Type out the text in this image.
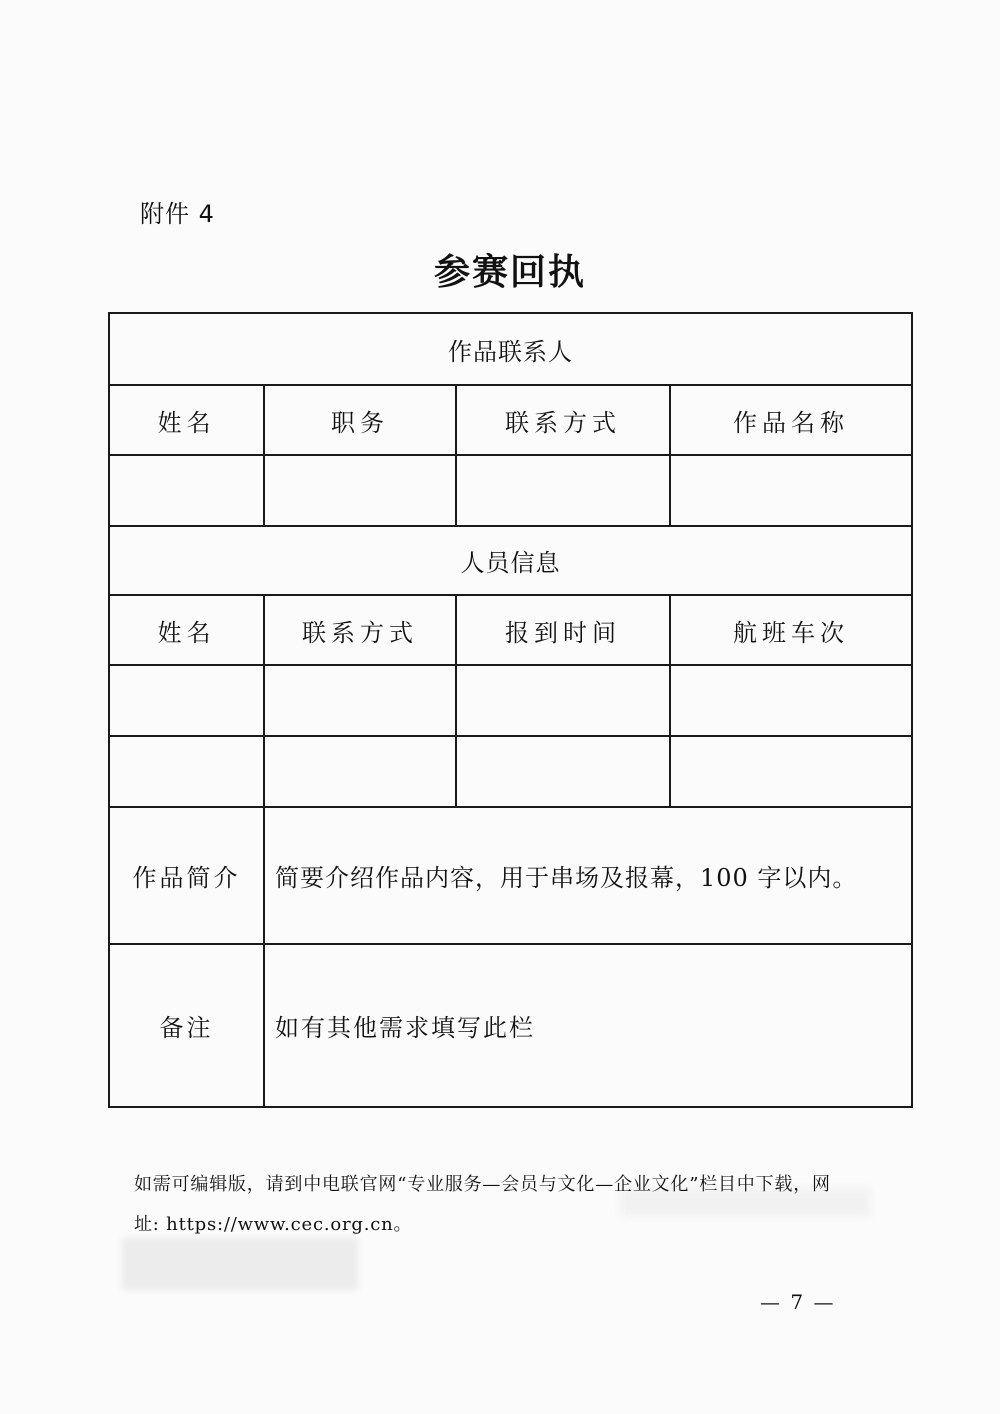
附件 4
参赛回执
作品联系人			
姓名	职务	联系方式	作品名称

人员信息			
姓名	联系方式	报到时间	航班车次

作品简介	简要介绍作品内容，用于串场及报幕，100 字以内。		
备注	如有其他需求填写此栏		
如需可编辑版，请到中电联官网“专业服务—会员与文化—企业文化”栏目中下载，网
址: https://www.cec.org.cn。
— 7 —
